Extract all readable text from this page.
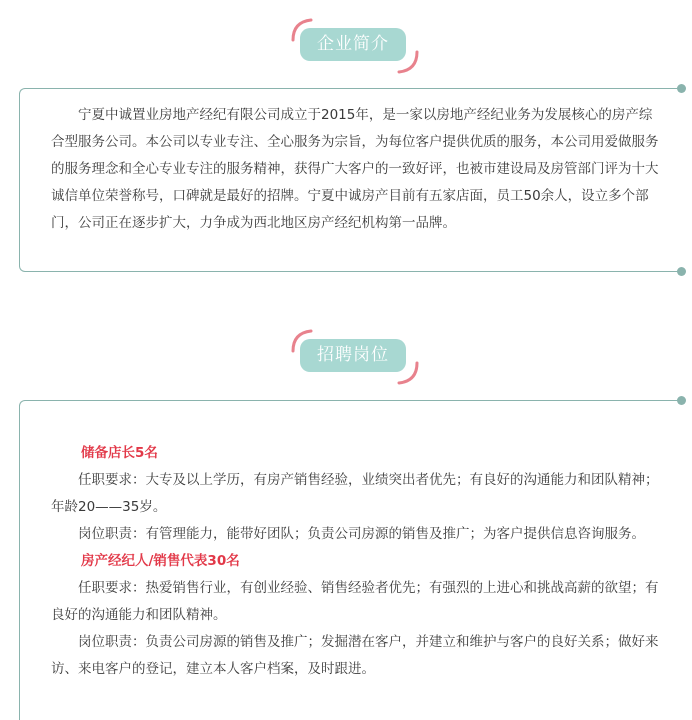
企业简介

宁夏中诚置业房地产经纪有限公司成立于2015年，是一家以房地产经纪业务为发展核心的房产综合型服务公司。本公司以专业专注、全心服务为宗旨，为每位客户提供优质的服务，本公司用爱做服务的服务理念和全心专业专注的服务精神，获得广大客户的一致好评，也被市建设局及房管部门评为十大诚信单位荣誉称号，口碑就是最好的招牌。宁夏中诚房产目前有五家店面，员工50余人，设立多个部门，公司正在逐步扩大，力争成为西北地区房产经纪机构第一品牌。

招聘岗位

储备店长5名

任职要求：大专及以上学历，有房产销售经验，业绩突出者优先；有良好的沟通能力和团队精神；年龄20——35岁。

岗位职责：有管理能力，能带好团队；负责公司房源的销售及推广；为客户提供信息咨询服务。

房产经纪人/销售代表30名

任职要求：热爱销售行业，有创业经验、销售经验者优先；有强烈的上进心和挑战高薪的欲望；有良好的沟通能力和团队精神。

岗位职责：负责公司房源的销售及推广；发掘潜在客户，并建立和维护与客户的良好关系；做好来访、来电客户的登记，建立本人客户档案，及时跟进。
